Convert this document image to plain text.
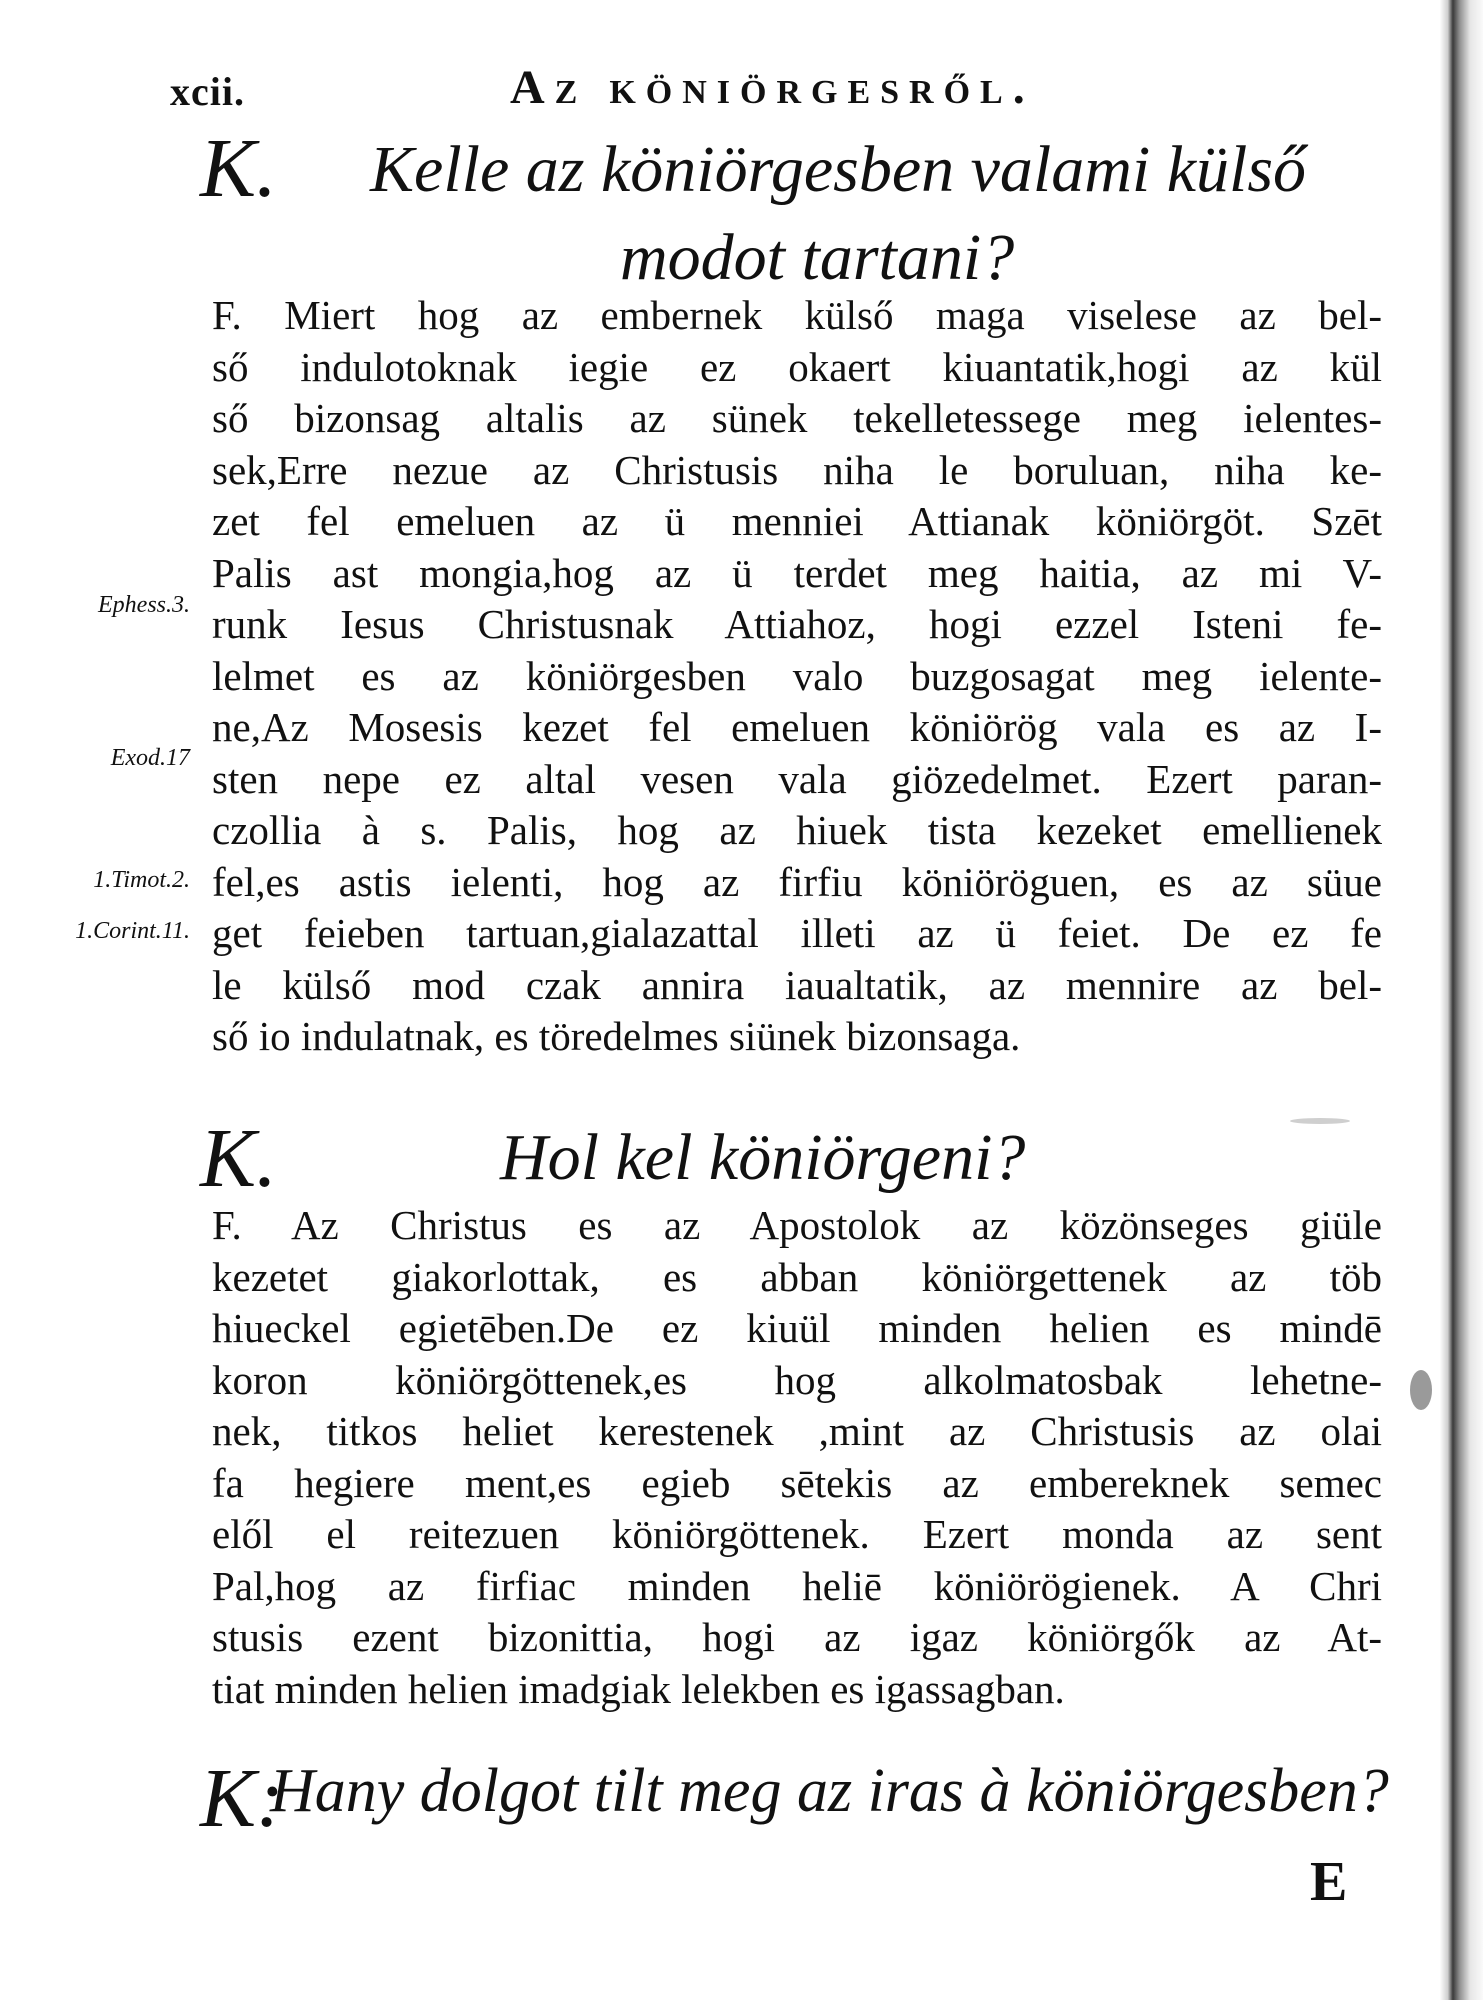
xcii.	Az köniörgesről.
K. Kelle az köniörgesben valami külső
modot tartani?
F. Miert hog az embernek külső maga viselese az bel-
ső indulotoknak iegie ez okaert kiuantatik,hogi az kül
ső bizonsag altalis az sünek tekelletessege meg ielentes-
sek,Erre nezue az Christusis niha le boruluan, niha ke-
zet fel emeluen az ü menniei Attianak köniörgöt. Szēt
Palis ast mongia,hog az ü terdet meg haitia, az mi V-
runk Iesus Christusnak Attiahoz, hogi ezzel Isteni fe-
lelmet es az köniörgesben valo buzgosagat meg ielente-
ne,Az Mosesis kezet fel emeluen köniörög vala es az I-
sten nepe ez altal vesen vala giözedelmet. Ezert paran-
czollia à s. Palis, hog az hiuek tista kezeket emellienek
fel,es astis ielenti, hog az firfiu köniöröguen, es az süue
get feieben tartuan,gialazattal illeti az ü feiet. De ez fe
le külső mod czak annira iaualtatik, az mennire az bel-
ső io indulatnak, es töredelmes siünek bizonsaga.
Ephess.3.
Exod.17
1.Timot.2.
1.Corint.11.
K.	Hol kel köniörgeni?
F. Az Christus es az Apostolok az közönseges giüle
kezetet giakorlottak, es abban köniörgettenek az töb
hiueckel egietēben.De ez kiuül minden helien es mindē
koron köniörgöttenek,es hog alkolmatosbak lehetne-
nek, titkos heliet kerestenek ,mint az Christusis az olai
fa hegiere ment,es egieb sētekis az embereknek semec
elől el reitezuen köniörgöttenek. Ezert monda az sent
Pal,hog az firfiac minden heliē köniörögienek. A Chri
stusis ezent bizonittia, hogi az igaz köniörgők az At-
tiat minden helien imadgiak lelekben es igassagban.
K:
Hany dolgot tilt meg az iras à köniörgesben?
E
